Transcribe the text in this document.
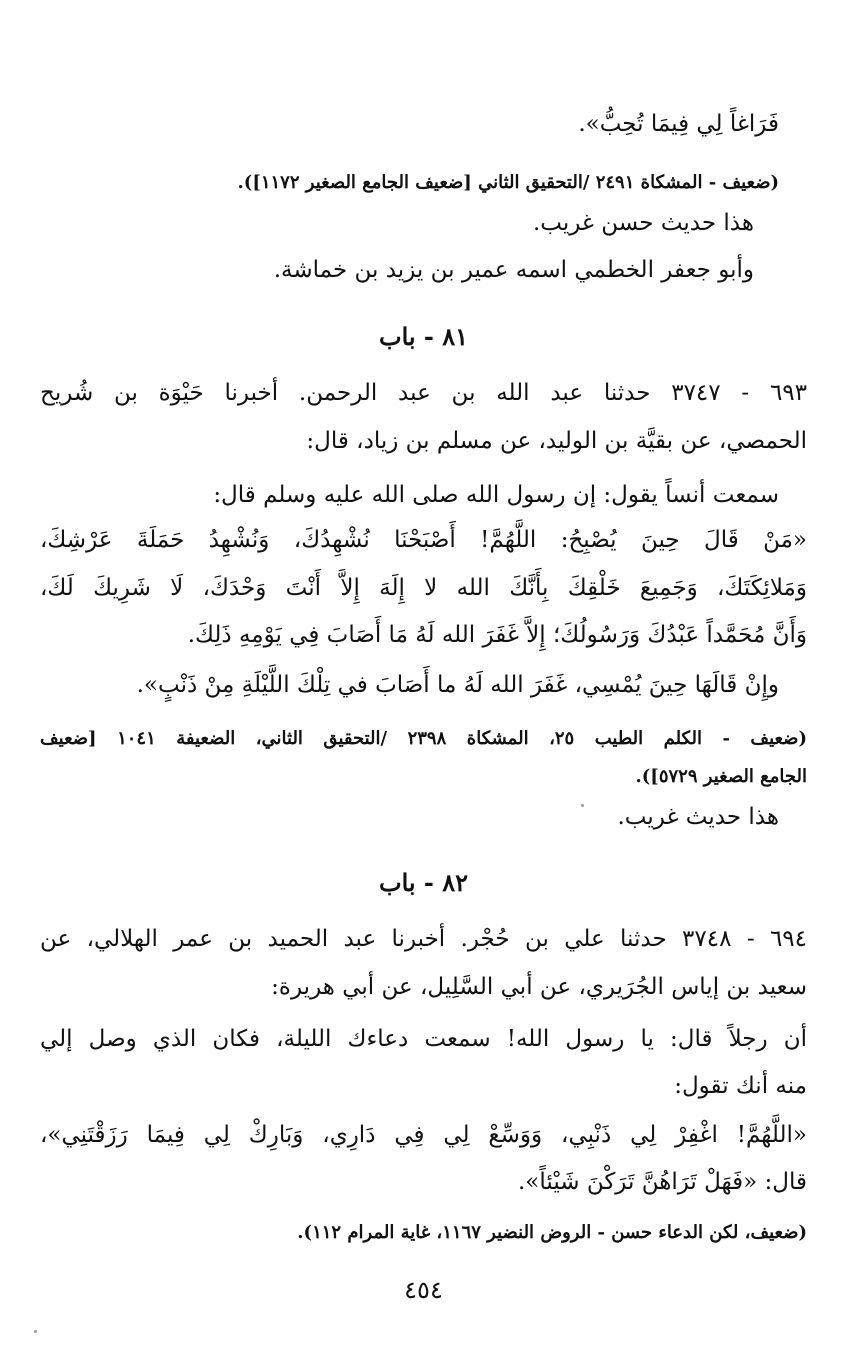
فَرَاغاً لِي فِيمَا تُحِبُّ».

(ضعيف - المشكاة ٢٤٩١ /التحقيق الثاني [ضعيف الجامع الصغير ١١٧٢]).

هذا حديث حسن غريب.

وأبو جعفر الخطمي اسمه عمير بن يزيد بن خماشة.

٨١ - باب

٦٩٣ - ٣٧٤٧ حدثنا عبد الله بن عبد الرحمن. أخبرنا حَيْوَة بن شُريح

الحمصي، عن بقيَّة بن الوليد، عن مسلم بن زياد، قال:

سمعت أنساً يقول: إن رسول الله صلى الله عليه وسلم قال:

«مَنْ قَالَ حِينَ يُصْبِحُ: اللَّهُمَّ! أَصْبَحْنَا نُشْهِدُكَ، وَنُشْهِدُ حَمَلَةَ عَرْشِكَ،

وَمَلائِكَتَكَ، وَجَمِيعَ خَلْقِكَ بِأَنَّكَ الله لا إِلَهَ إِلاَّ أَنْتَ وَحْدَكَ، لَا شَرِيكَ لَكَ،

وَأَنَّ مُحَمَّداً عَبْدُكَ وَرَسُولُكَ؛ إِلاَّ غَفَرَ الله لَهُ مَا أَصَابَ فِي يَوْمِهِ ذَلِكَ.

وإِنْ قَالَهَا حِينَ يُمْسِي، غَفَرَ الله لَهُ ما أَصَابَ في تِلْكَ اللَّيْلَةِ مِنْ ذَنْبٍ».

(ضعيف - الكلم الطيب ٢٥، المشكاة ٢٣٩٨ /التحقيق الثاني، الضعيفة ١٠٤١ [ضعيف

الجامع الصغير ٥٧٢٩]).

هذا حديث غريب.

٨٢ - باب

٦٩٤ - ٣٧٤٨ حدثنا علي بن حُجْر. أخبرنا عبد الحميد بن عمر الهلالي، عن

سعيد بن إياس الجُرَيري، عن أبي السَّلِيل، عن أبي هريرة:

أن رجلاً قال: يا رسول الله! سمعت دعاءك الليلة، فكان الذي وصل إلي

منه أنك تقول:

«اللَّهُمَّ! اغْفِرْ لِي ذَنْبِي، وَوَسِّعْ لِي فِي دَارِي، وَبَارِكْ لِي فِيمَا رَزَقْتَنِي»،

قال: «فَهَلْ تَرَاهُنَّ تَرَكْنَ شَيْئاً».

(ضعيف، لكن الدعاء حسن - الروض النضير ١١٦٧، غاية المرام ١١٢).

٤٥٤
